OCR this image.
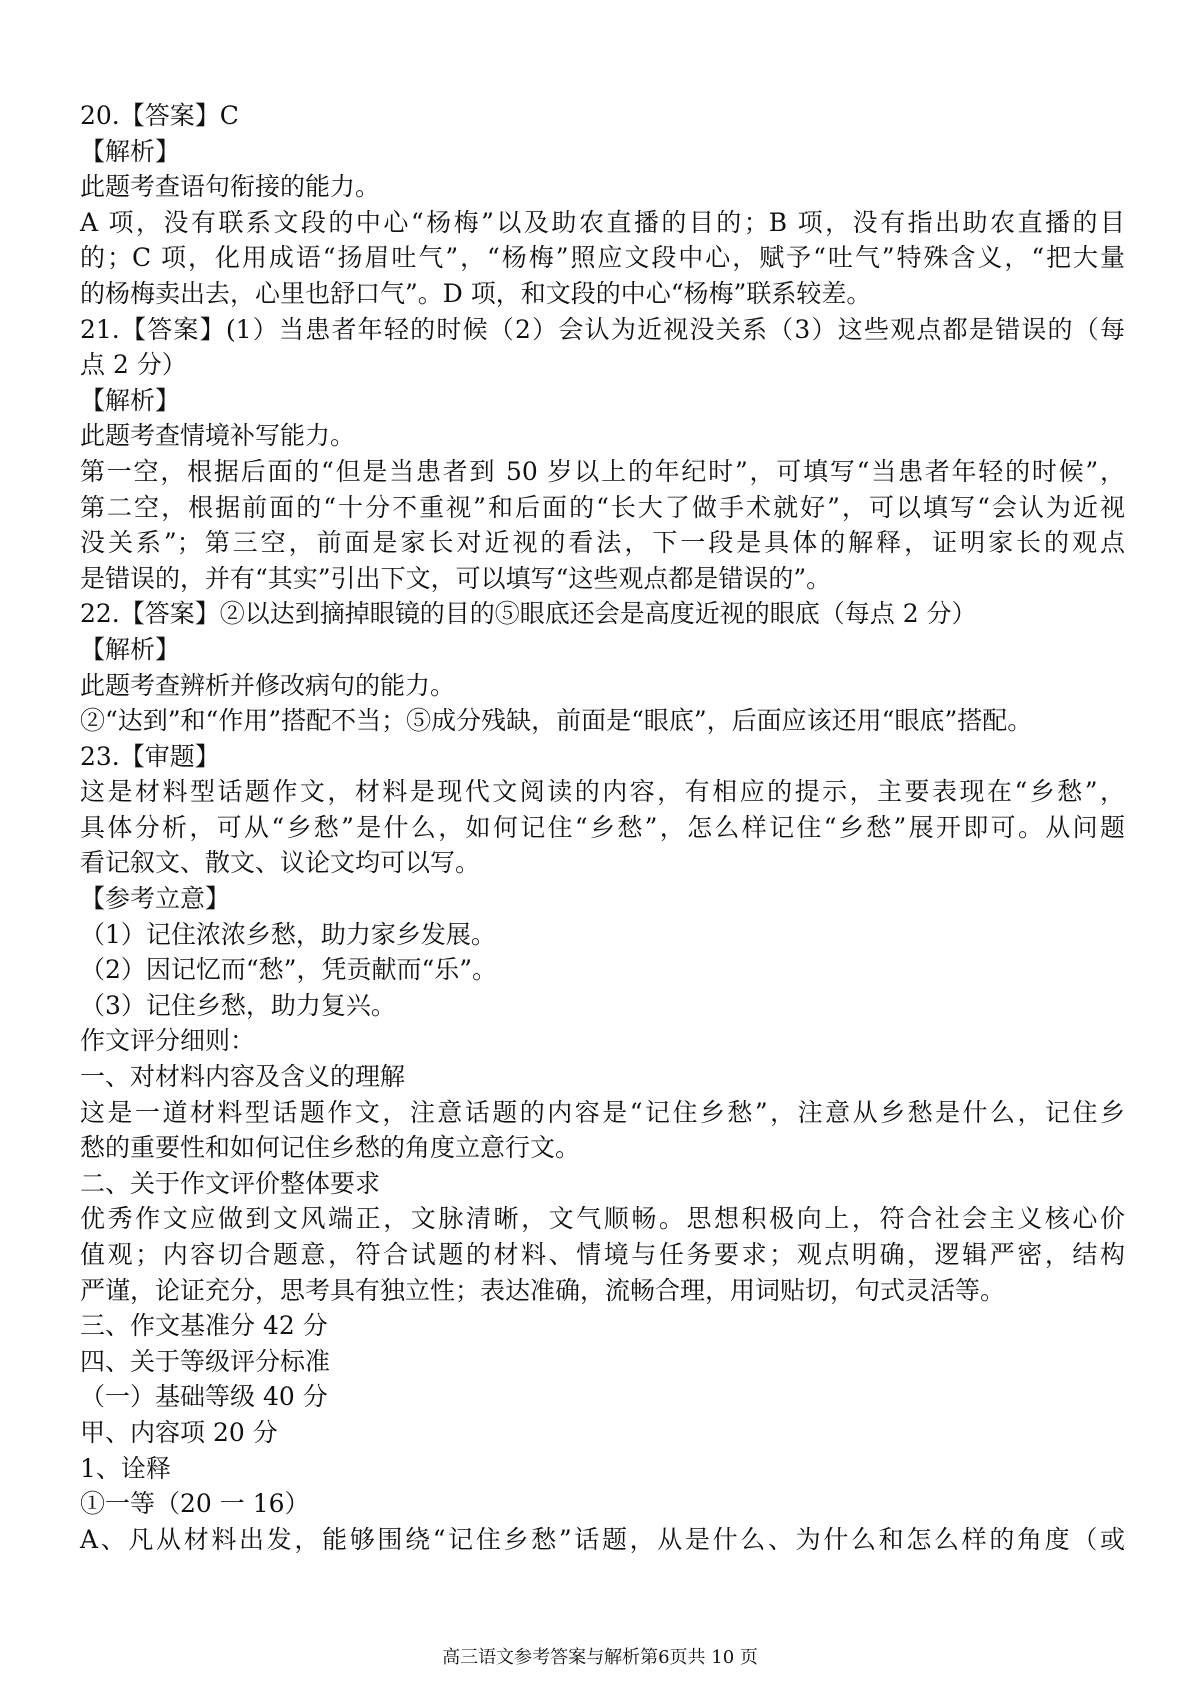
20.【答案】C
【解析】
此题考查语句衔接的能力。
A 项，没有联系文段的中心“杨梅”以及助农直播的目的；B 项，没有指出助农直播的目
的；C 项，化用成语“扬眉吐气”，“杨梅”照应文段中心，赋予“吐气”特殊含义，“把大量
的杨梅卖出去，心里也舒口气”。D 项，和文段的中心“杨梅”联系较差。
21.【答案】(1）当患者年轻的时候（2）会认为近视没关系（3）这些观点都是错误的（每
点 2 分）
【解析】
此题考查情境补写能力。
第一空，根据后面的“但是当患者到 50 岁以上的年纪时”，可填写“当患者年轻的时候”，
第二空，根据前面的“十分不重视”和后面的“长大了做手术就好”，可以填写“会认为近视
没关系”；第三空，前面是家长对近视的看法，下一段是具体的解释，证明家长的观点
是错误的，并有“其实”引出下文，可以填写“这些观点都是错误的”。
22.【答案】②以达到摘掉眼镜的目的⑤眼底还会是高度近视的眼底（每点 2 分）
【解析】
此题考查辨析并修改病句的能力。
②“达到”和“作用”搭配不当；⑤成分残缺，前面是“眼底”，后面应该还用“眼底”搭配。
23.【审题】
这是材料型话题作文，材料是现代文阅读的内容，有相应的提示，主要表现在“乡愁”，
具体分析，可从“乡愁”是什么，如何记住“乡愁”，怎么样记住“乡愁”展开即可。从问题
看记叙文、散文、议论文均可以写。
【参考立意】
（1）记住浓浓乡愁，助力家乡发展。
（2）因记忆而“愁”，凭贡献而“乐”。
（3）记住乡愁，助力复兴。
作文评分细则：
一、对材料内容及含义的理解
这是一道材料型话题作文，注意话题的内容是“记住乡愁”，注意从乡愁是什么，记住乡
愁的重要性和如何记住乡愁的角度立意行文。
二、关于作文评价整体要求
优秀作文应做到文风端正，文脉清晰，文气顺畅。思想积极向上，符合社会主义核心价
值观；内容切合题意，符合试题的材料、情境与任务要求；观点明确，逻辑严密，结构
严谨，论证充分，思考具有独立性；表达准确，流畅合理，用词贴切，句式灵活等。
三、作文基准分 42 分
四、关于等级评分标准
（一）基础等级 40 分
甲、内容项 20 分
1、诠释
①一等（20 一 16）
A、凡从材料出发，能够围绕“记住乡愁”话题，从是什么、为什么和怎么样的角度（或
高三语文参考答案与解析第6页共 10 页
